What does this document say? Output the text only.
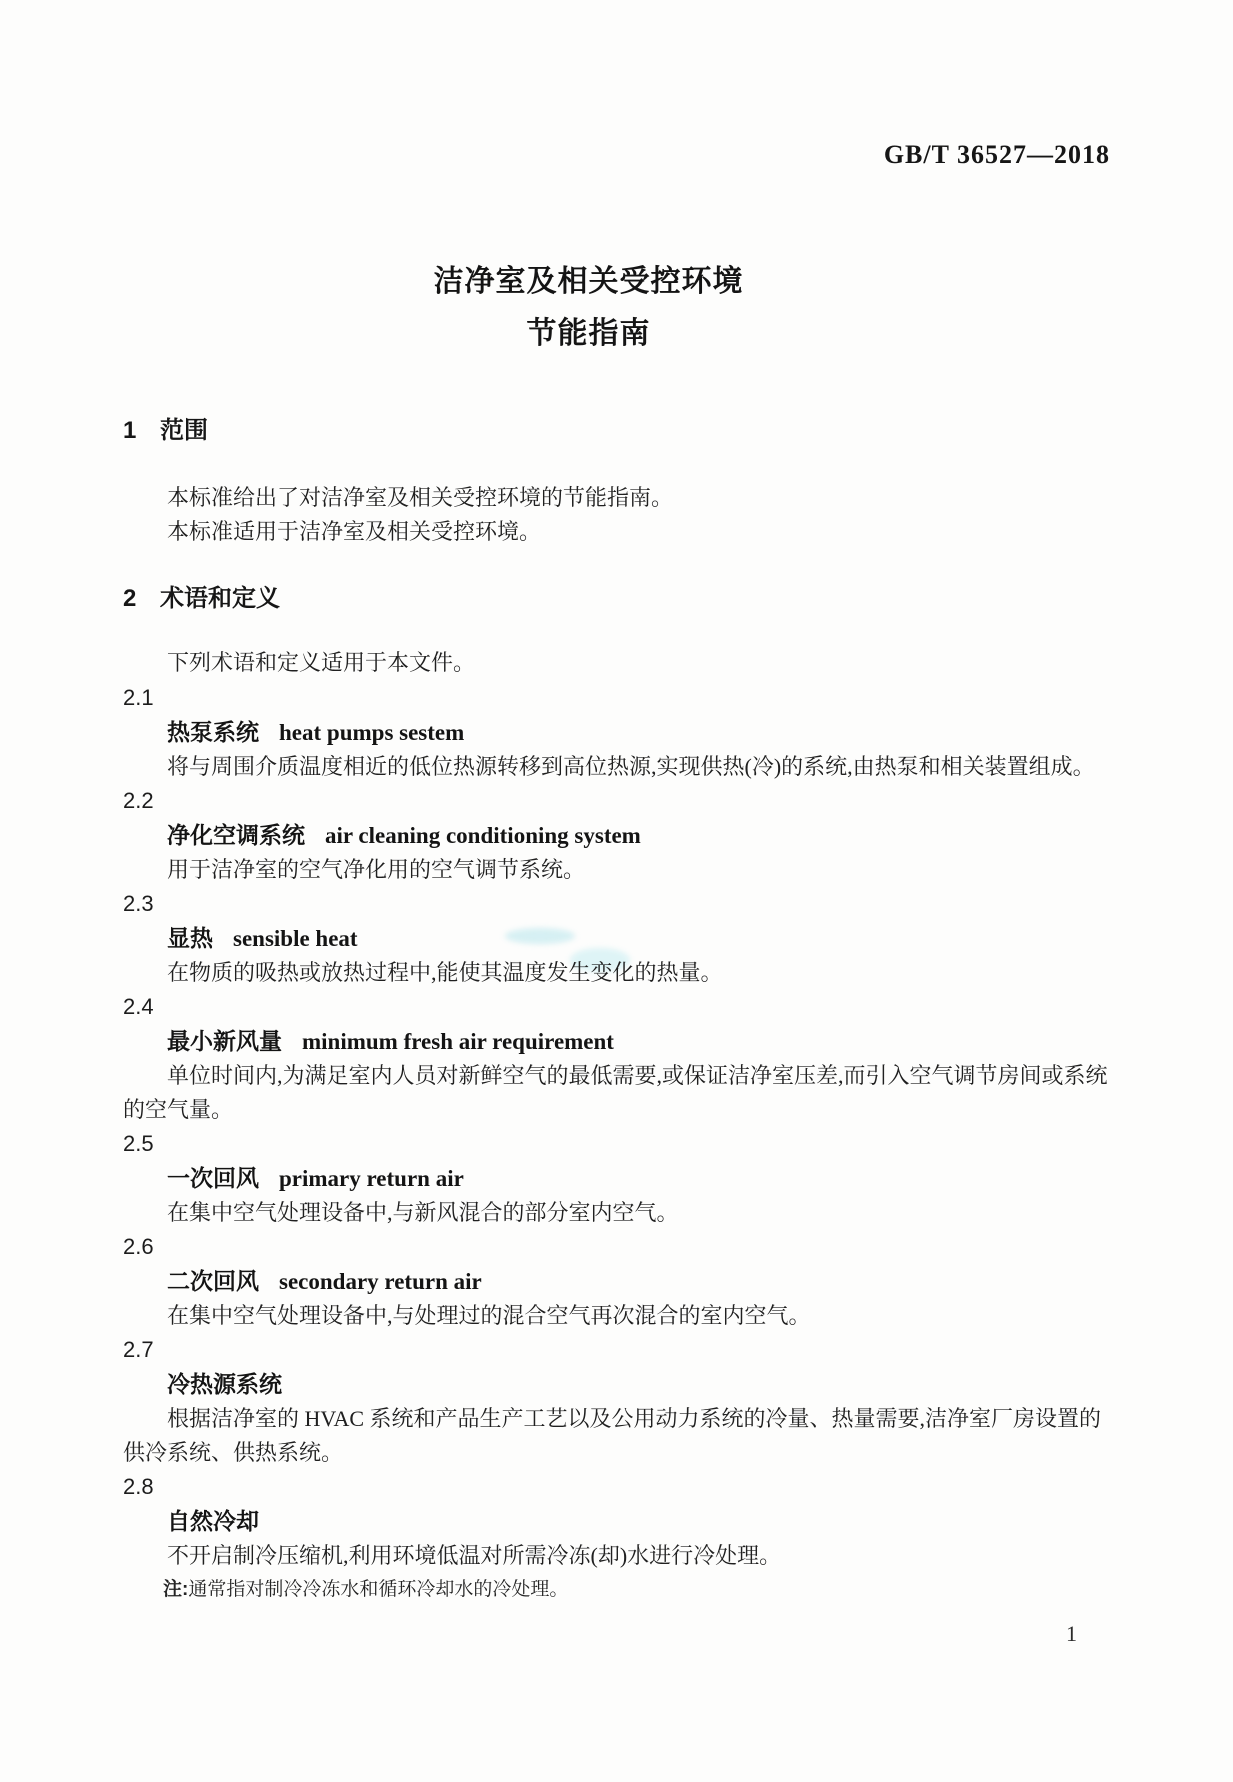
GB/T 36527—2018
洁净室及相关受控环境
节能指南
1 范围

本标准给出了对洁净室及相关受控环境的节能指南。

本标准适用于洁净室及相关受控环境。

2 术语和定义

下列术语和定义适用于本文件。

2.1
热泵系统 heat pumps sestem
将与周围介质温度相近的低位热源转移到高位热源,实现供热(冷)的系统,由热泵和相关装置组成。
2.2
净化空调系统 air cleaning conditioning system
用于洁净室的空气净化用的空气调节系统。
2.3
显热 sensible heat
在物质的吸热或放热过程中,能使其温度发生变化的热量。
2.4
最小新风量 minimum fresh air requirement
单位时间内,为满足室内人员对新鲜空气的最低需要,或保证洁净室压差,而引入空气调节房间或系统的空气量。
2.5
一次回风 primary return air
在集中空气处理设备中,与新风混合的部分室内空气。
2.6
二次回风 secondary return air
在集中空气处理设备中,与处理过的混合空气再次混合的室内空气。
2.7
冷热源系统
根据洁净室的 HVAC 系统和产品生产工艺以及公用动力系统的冷量、热量需要,洁净室厂房设置的供冷系统、供热系统。
2.8
自然冷却
不开启制冷压缩机,利用环境低温对所需冷冻(却)水进行冷处理。
注:通常指对制冷冷冻水和循环冷却水的冷处理。
1
